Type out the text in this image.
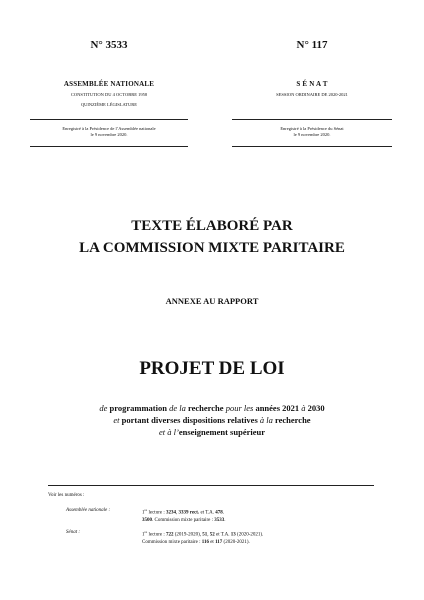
N° 3533
ASSEMBLÉE NATIONALE
CONSTITUTION DU 4 OCTOBRE 1958
QUINZIÈME LÉGISLATURE
Enregistré à la Présidence de l’Assemblée nationale
le 9 novembre 2020.
N° 117
S É N A T
SESSION ORDINAIRE DE 2020-2021
Enregistré à la Présidence du Sénat
le 9 novembre 2020.
TEXTE ÉLABORÉ PAR
LA COMMISSION MIXTE PARITAIRE
ANNEXE AU RAPPORT
PROJET DE LOI
de programmation de la recherche pour les années 2021 à 2030
et portant diverses dispositions relatives à la recherche
et à l’enseignement supérieur
Voir les numéros :
Assemblée nationale :
1re lecture : 3234, 3339 rect. et T.A. 478.
3500. Commission mixte paritaire : 3533.
Sénat :
1re lecture : 722 (2019-2020), 51, 52 et T.A. 13 (2020-2021).
Commission mixte paritaire : 116 et 117 (2020-2021).
